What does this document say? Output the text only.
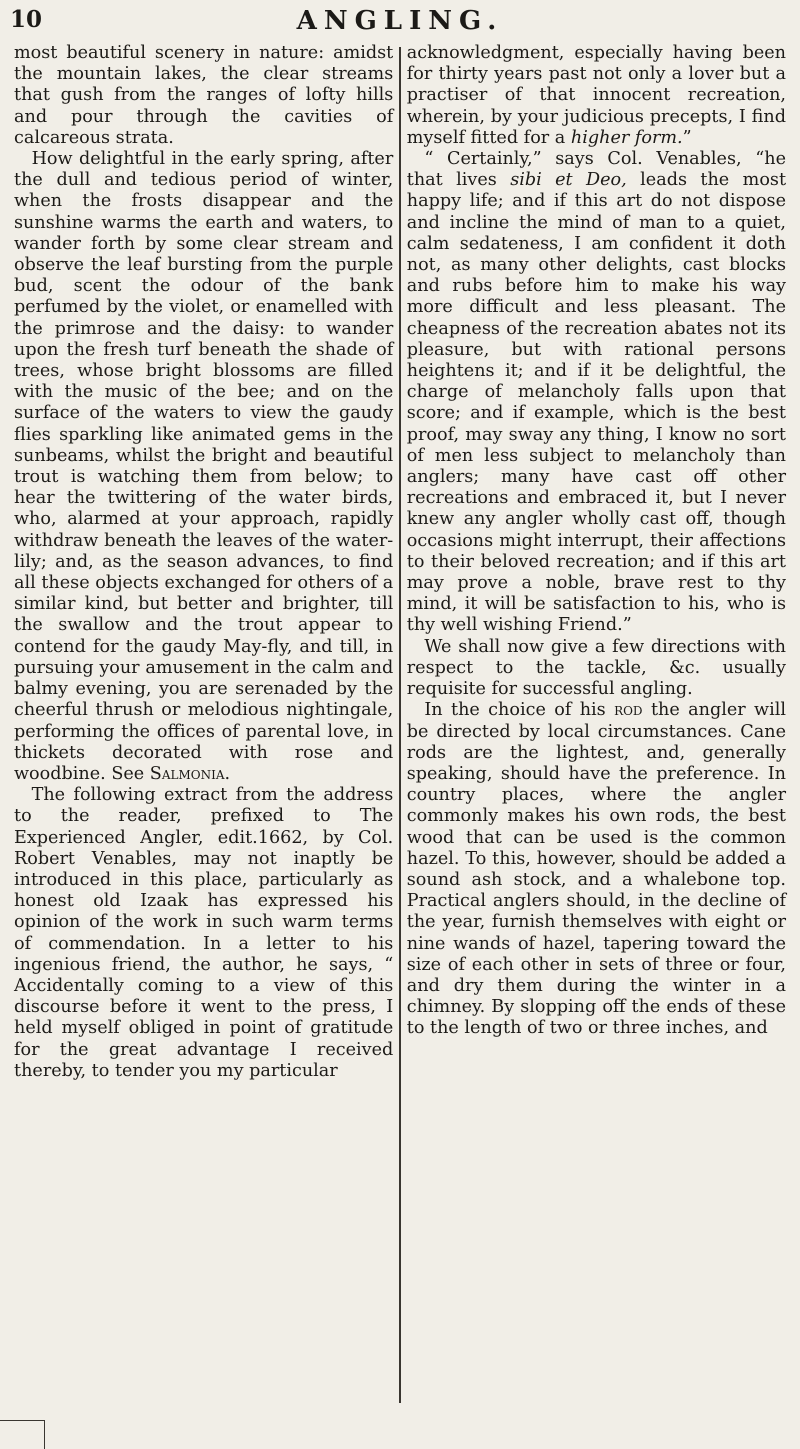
10	ANGLING.

most beautiful scenery in nature: amidst the mountain lakes, the clear streams that gush from the ranges of lofty hills and pour through the cavities of calcareous strata.

How delightful in the early spring, after the dull and tedious period of winter, when the frosts disappear and the sunshine warms the earth and waters, to wander forth by some clear stream and observe the leaf bursting from the purple bud, scent the odour of the bank perfumed by the violet, or enamelled with the primrose and the daisy: to wander upon the fresh turf beneath the shade of trees, whose bright blossoms are filled with the music of the bee; and on the surface of the waters to view the gaudy flies sparkling like animated gems in the sunbeams, whilst the bright and beautiful trout is watching them from below; to hear the twittering of the water birds, who, alarmed at your approach, rapidly withdraw beneath the leaves of the water-lily; and, as the season advances, to find all these objects exchanged for others of a similar kind, but better and brighter, till the swallow and the trout appear to contend for the gaudy May-fly, and till, in pursuing your amusement in the calm and balmy evening, you are serenaded by the cheerful thrush or melodious nightingale, performing the offices of parental love, in thickets decorated with rose and woodbine. See Salmonia.

The following extract from the address to the reader, prefixed to The Experienced Angler, edit.1662, by Col. Robert Venables, may not inaptly be introduced in this place, particularly as honest old Izaak has expressed his opinion of the work in such warm terms of commendation. In a letter to his ingenious friend, the author, he says, “ Accidentally coming to a view of this discourse before it went to the press, I held myself obliged in point of gratitude for the great advantage I received thereby, to tender you my particular

acknowledgment, especially having been for thirty years past not only a lover but a practiser of that innocent recreation, wherein, by your judicious precepts, I find myself fitted for a higher form.”

“ Certainly,” says Col. Venables, “he that lives sibi et Deo, leads the most happy life; and if this art do not dispose and incline the mind of man to a quiet, calm sedateness, I am confident it doth not, as many other delights, cast blocks and rubs before him to make his way more difficult and less pleasant. The cheapness of the recreation abates not its pleasure, but with rational persons heightens it; and if it be delightful, the charge of melancholy falls upon that score; and if example, which is the best proof, may sway any thing, I know no sort of men less subject to melancholy than anglers; many have cast off other recreations and embraced it, but I never knew any angler wholly cast off, though occasions might interrupt, their affections to their beloved recreation; and if this art may prove a noble, brave rest to thy mind, it will be satisfaction to his, who is thy well wishing Friend.”

We shall now give a few directions with respect to the tackle, &c. usually requisite for successful angling.

In the choice of his rod the angler will be directed by local circumstances. Cane rods are the lightest, and, generally speaking, should have the preference. In country places, where the angler commonly makes his own rods, the best wood that can be used is the common hazel. To this, however, should be added a sound ash stock, and a whalebone top. Practical anglers should, in the decline of the year, furnish themselves with eight or nine wands of hazel, tapering toward the size of each other in sets of three or four, and dry them during the winter in a chimney. By slopping off the ends of these to the length of two or three inches, and
